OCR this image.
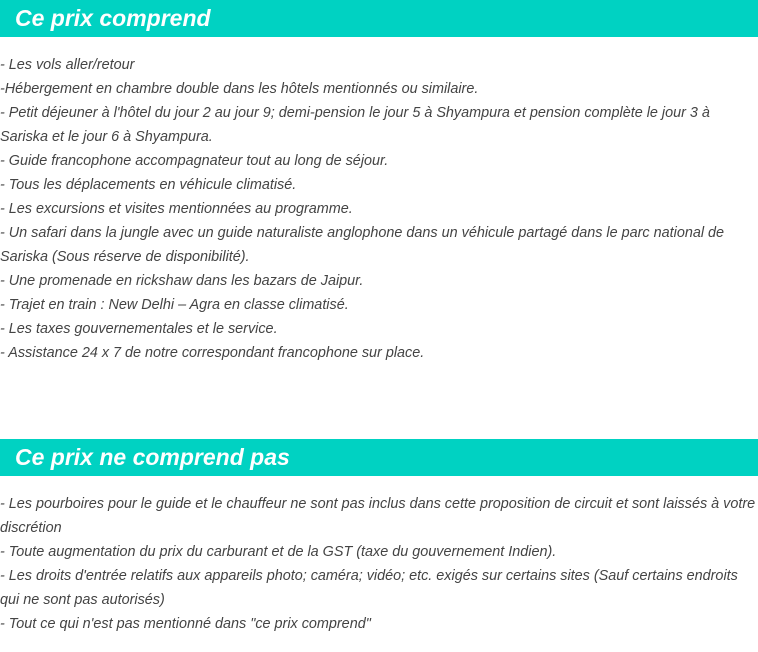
Ce prix comprend
- Les vols aller/retour
-Hébergement en chambre double dans les hôtels mentionnés ou similaire.
- Petit déjeuner à l'hôtel du jour 2 au jour 9; demi-pension le jour 5 à Shyampura et pension complète le jour 3 à Sariska et le jour 6 à Shyampura.
- Guide francophone accompagnateur tout au long de séjour.
- Tous les déplacements en véhicule climatisé.
- Les excursions et visites mentionnées au programme.
- Un safari dans la jungle avec un guide naturaliste anglophone dans un véhicule partagé dans le parc national de Sariska (Sous réserve de disponibilité).
- Une promenade en rickshaw dans les bazars de Jaipur.
- Trajet en train : New Delhi – Agra en classe climatisé.
- Les taxes gouvernementales et le service.
- Assistance 24 x 7 de notre correspondant francophone sur place.
Ce prix ne comprend pas
- Les pourboires pour le guide et le chauffeur ne sont pas inclus dans cette proposition de circuit et sont laissés à votre discrétion
- Toute augmentation du prix du carburant et de la GST (taxe du gouvernement Indien).
- Les droits d'entrée relatifs aux appareils photo; caméra; vidéo; etc. exigés sur certains sites (Sauf certains endroits qui ne sont pas autorisés)
- Tout ce qui n'est pas mentionné dans "ce prix comprend"
